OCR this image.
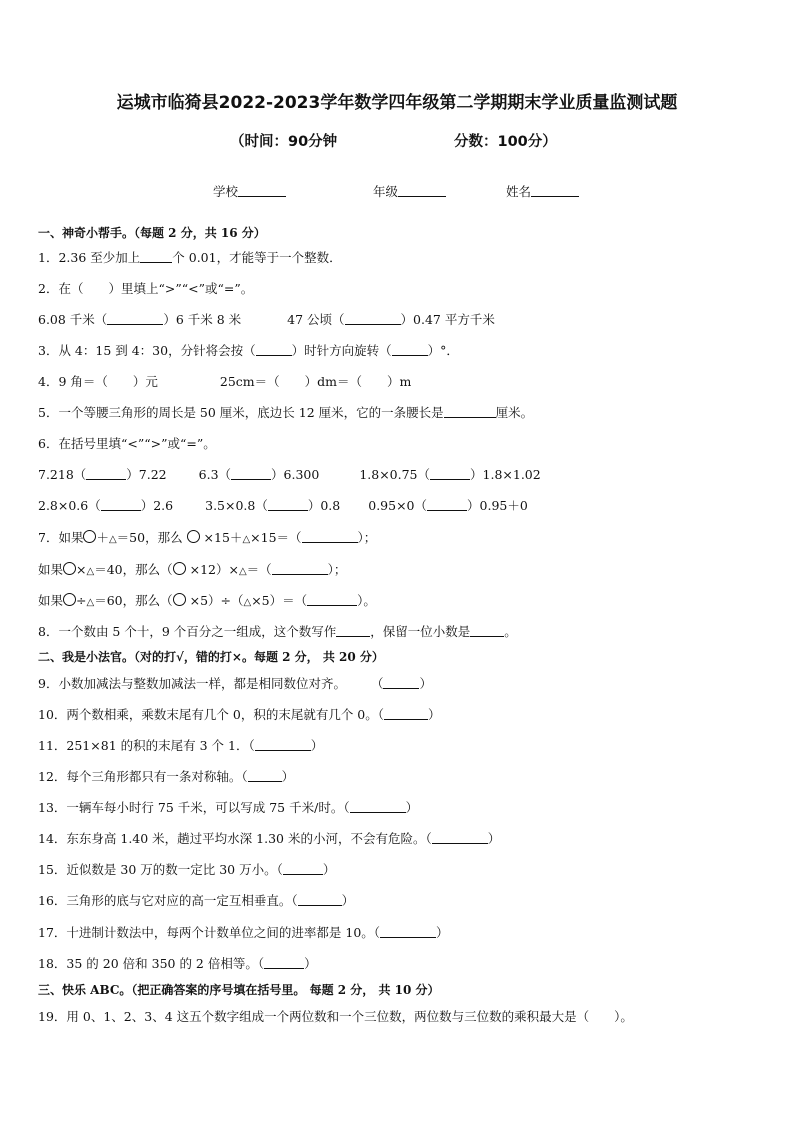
运城市临猗县2022-2023学年数学四年级第二学期期末学业质量监测试题
（时间：90分钟	分数：100分）
学校	年级	姓名
一、神奇小帮手。（每题 2 分，共 16 分）
1．2.36 至少加上	个 0.01，才能等于一个整数．
2．在（　　）里填上“>”“<”或“=”。
6.08 千米（	）6 千米 8 米	47 公顷（	）0.47 平方千米
3．从 4：15 到 4：30，分针将会按（	）时针方向旋转（	）°．
4．9 角＝（　　）元	25cm＝（　　）dm＝（　　）m
5．一个等腰三角形的周长是 50 厘米，底边长 12 厘米，它的一条腰长是	厘米。
6．在括号里填“<”“>”或“=”。
7.218（	）7.22	6.3（	）6.300	1.8×0.75（	）1.8×1.02
2.8×0.6（	）2.6	3.5×0.8（	）0.8 0.95×0（	）0.95＋0
7．如果 ＋△＝50，那么 ×15＋△×15＝（	）；
如果 ×△＝40，那么（ ×12）×△＝（	）；
如果 ÷△＝60，那么（ ×5）÷（△×5）＝（	）。
8．一个数由 5 个十，9 个百分之一组成，这个数写作	，保留一位小数是	。
二、我是小法官。（对的打√，错的打×。每题 2 分， 共 20 分）
9．小数加减法与整数加减法一样，都是相同数位对齐。　　　（	）
10．两个数相乘，乘数末尾有几个 0，积的末尾就有几个 0。（	）
11．251×81 的积的末尾有 3 个 1．（	）
12．每个三角形都只有一条对称轴。（	）
13．一辆车每小时行 75 千米，可以写成 75 千米/时。（	）
14．东东身高 1.40 米，趟过平均水深 1.30 米的小河，不会有危险。（	）
15．近似数是 30 万的数一定比 30 万小。（	）
16．三角形的底与它对应的高一定互相垂直。（	）
17．十进制计数法中，每两个计数单位之间的进率都是 10。（	）
18．35 的 20 倍和 350 的 2 倍相等。（	）
三、快乐 ABC。（把正确答案的序号填在括号里。 每题 2 分， 共 10 分）
19．用 0、1、2、3、4 这五个数字组成一个两位数和一个三位数，两位数与三位数的乘积最大是（　　）。
